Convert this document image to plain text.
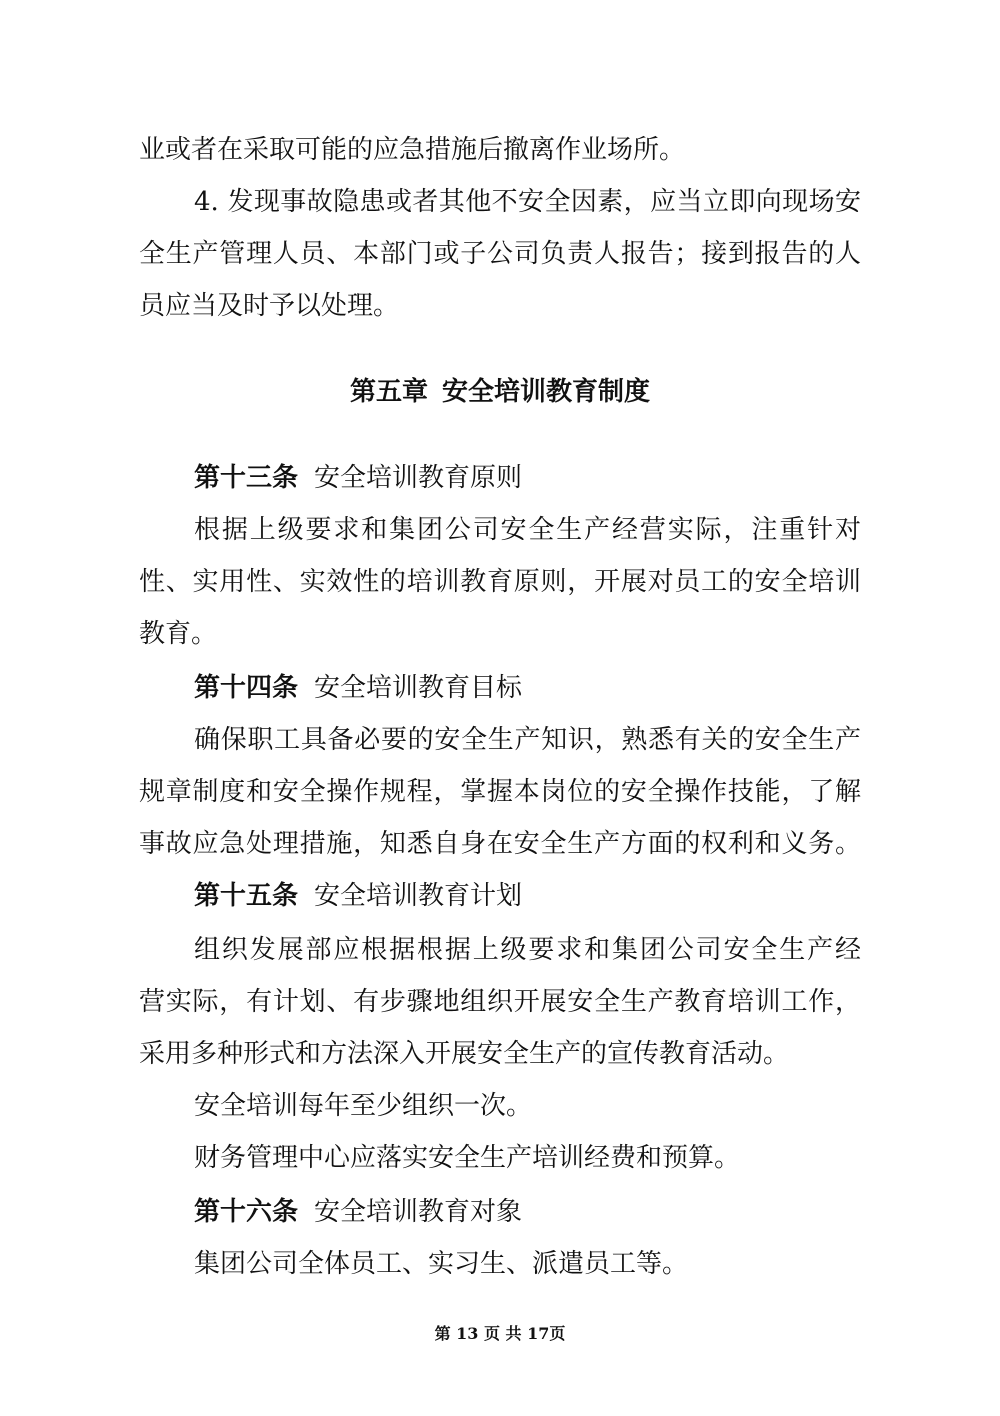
业或者在采取可能的应急措施后撤离作业场所。
4. 发现事故隐患或者其他不安全因素，应当立即向现场安
全生产管理人员、本部门或子公司负责人报告；接到报告的人
员应当及时予以处理。
第五章 安全培训教育制度
第十三条 安全培训教育原则
根据上级要求和集团公司安全生产经营实际，注重针对
性、实用性、实效性的培训教育原则，开展对员工的安全培训
教育。
第十四条 安全培训教育目标
确保职工具备必要的安全生产知识，熟悉有关的安全生产
规章制度和安全操作规程，掌握本岗位的安全操作技能，了解
事故应急处理措施，知悉自身在安全生产方面的权利和义务。
第十五条 安全培训教育计划
组织发展部应根据根据上级要求和集团公司安全生产经
营实际，有计划、有步骤地组织开展安全生产教育培训工作，
采用多种形式和方法深入开展安全生产的宣传教育活动。
安全培训每年至少组织一次。
财务管理中心应落实安全生产培训经费和预算。
第十六条 安全培训教育对象
集团公司全体员工、实习生、派遣员工等。
第 13 页 共 17页
